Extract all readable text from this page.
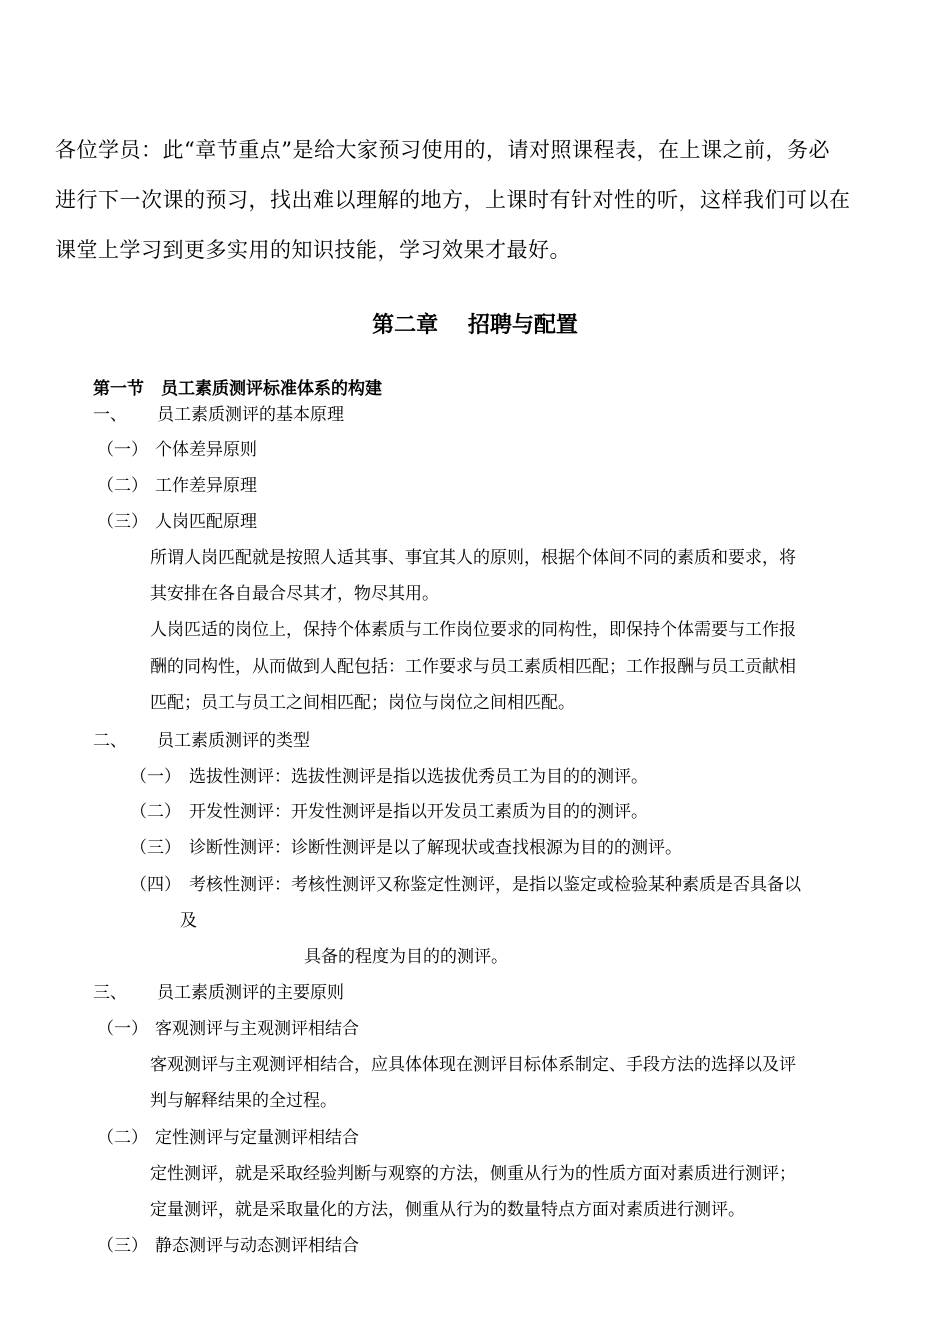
各位学员：此“章节重点”是给大家预习使用的，请对照课程表，在上课之前，务必
进行下一次课的预习，找出难以理解的地方，上课时有针对性的听，这样我们可以在
课堂上学习到更多实用的知识技能，学习效果才最好。
第二章　 招聘与配置
第一节　员工素质测评标准体系的构建
一、 员工素质测评的基本原理
（一） 个体差异原则
（二） 工作差异原理
（三） 人岗匹配原理
所谓人岗匹配就是按照人适其事、事宜其人的原则，根据个体间不同的素质和要求，将
其安排在各自最合尽其才，物尽其用。
人岗匹适的岗位上，保持个体素质与工作岗位要求的同构性，即保持个体需要与工作报
酬的同构性，从而做到人配包括：工作要求与员工素质相匹配；工作报酬与员工贡献相
匹配；员工与员工之间相匹配；岗位与岗位之间相匹配。
二、 员工素质测评的类型
（一） 选拔性测评：选拔性测评是指以选拔优秀员工为目的的测评。
（二） 开发性测评：开发性测评是指以开发员工素质为目的的测评。
（三） 诊断性测评：诊断性测评是以了解现状或查找根源为目的的测评。
（四） 考核性测评：考核性测评又称鉴定性测评，是指以鉴定或检验某种素质是否具备以
及
具备的程度为目的的测评。
三、 员工素质测评的主要原则
（一） 客观测评与主观测评相结合
客观测评与主观测评相结合，应具体体现在测评目标体系制定、手段方法的选择以及评
判与解释结果的全过程。
（二） 定性测评与定量测评相结合
定性测评，就是采取经验判断与观察的方法，侧重从行为的性质方面对素质进行测评；
定量测评，就是采取量化的方法，侧重从行为的数量特点方面对素质进行测评。
（三） 静态测评与动态测评相结合
